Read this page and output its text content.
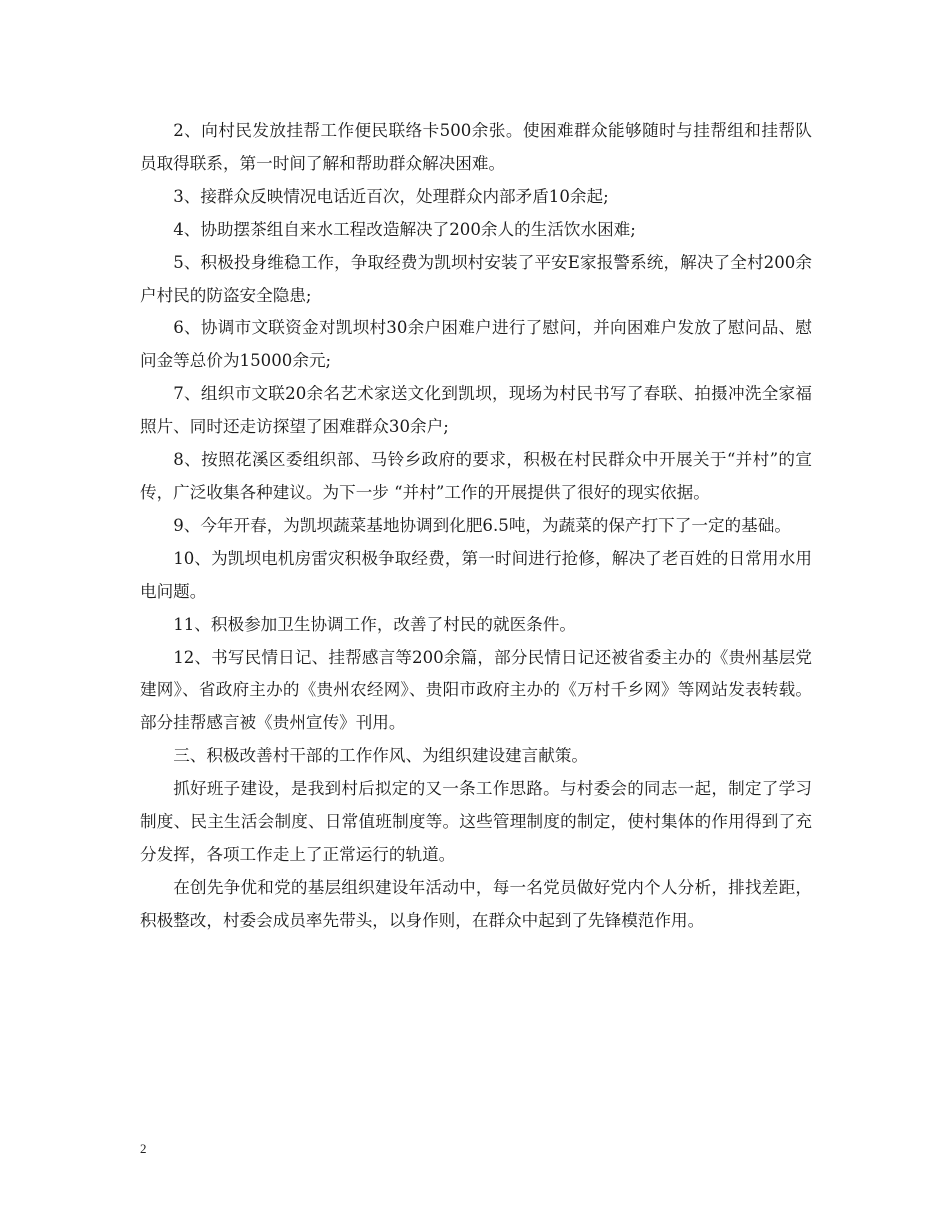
2、向村民发放挂帮工作便民联络卡500余张。使困难群众能够随时与挂帮组和挂帮队员取得联系，第一时间了解和帮助群众解决困难。

3、接群众反映情况电话近百次，处理群众内部矛盾10余起;

4、协助摆茶组自来水工程改造解决了200余人的生活饮水困难;

5、积极投身维稳工作，争取经费为凯坝村安装了平安E家报警系统，解决了全村200余户村民的防盗安全隐患;

6、协调市文联资金对凯坝村30余户困难户进行了慰问，并向困难户发放了慰问品、慰问金等总价为15000余元;

7、组织市文联20余名艺术家送文化到凯坝，现场为村民书写了春联、拍摄冲洗全家福照片、同时还走访探望了困难群众30余户;

8、按照花溪区委组织部、马铃乡政府的要求，积极在村民群众中开展关于“并村”的宣传，广泛收集各种建议。为下一步 “并村”工作的开展提供了很好的现实依据。

9、今年开春，为凯坝蔬菜基地协调到化肥6.5吨，为蔬菜的保产打下了一定的基础。

10、为凯坝电机房雷灾积极争取经费，第一时间进行抢修，解决了老百姓的日常用水用电问题。

11、积极参加卫生协调工作，改善了村民的就医条件。

12、书写民情日记、挂帮感言等200余篇，部分民情日记还被省委主办的《贵州基层党建网》、省政府主办的《贵州农经网》、贵阳市政府主办的《万村千乡网》等网站发表转载。部分挂帮感言被《贵州宣传》刊用。

三、积极改善村干部的工作作风、为组织建设建言献策。

抓好班子建设，是我到村后拟定的又一条工作思路。与村委会的同志一起，制定了学习制度、民主生活会制度、日常值班制度等。这些管理制度的制定，使村集体的作用得到了充分发挥，各项工作走上了正常运行的轨道。

在创先争优和党的基层组织建设年活动中，每一名党员做好党内个人分析，排找差距，积极整改，村委会成员率先带头，以身作则，在群众中起到了先锋模范作用。

2
